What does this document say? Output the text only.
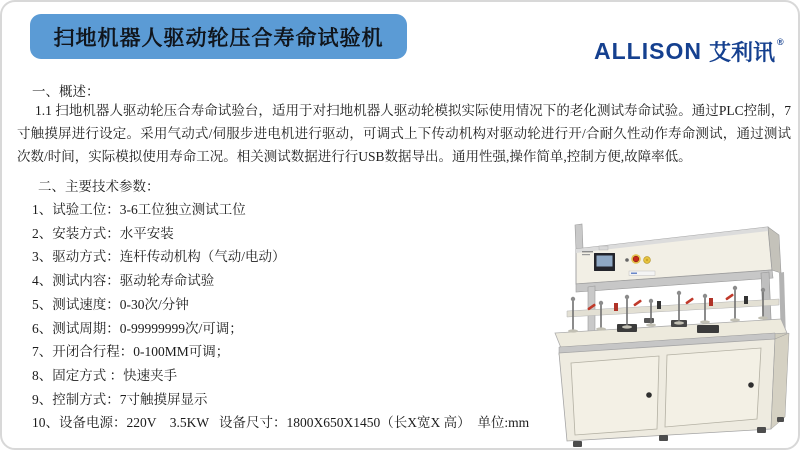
扫地机器人驱动轮压合寿命试验机	ALLISON 艾利讯 ®
一、概述：

1.1 扫地机器人驱动轮压合寿命试验台，适用于对扫地机器人驱动轮模拟实际使用情况下的老化测试寿命试验。通过PLC控制，7寸触摸屏进行设定。采用气动式/伺服步进电机进行驱动，可调式上下传动机构对驱动轮进行开/合耐久性动作寿命测试，通过测试次数/时间，实际模拟使用寿命工况。相关测试数据进行行USB数据导出。通用性强,操作简单,控制方便,故障率低。

二、主要技术参数：
1、试验工位：3-6工位独立测试工位
2、安装方式：水平安装
3、驱动方式：连杆传动机构（气动/电动）
4、测试内容：驱动轮寿命试验
5、测试速度：0-30次/分钟
6、测试周期：0-99999999次/可调；
7、开闭合行程：0-100MM可调；
8、固定方式 ：快速夹手
9、控制方式：7寸触摸屏显示
10、设备电源：220V    3.5KW   设备尺寸：1800X650X1450（长X宽X 高）  单位:mm
